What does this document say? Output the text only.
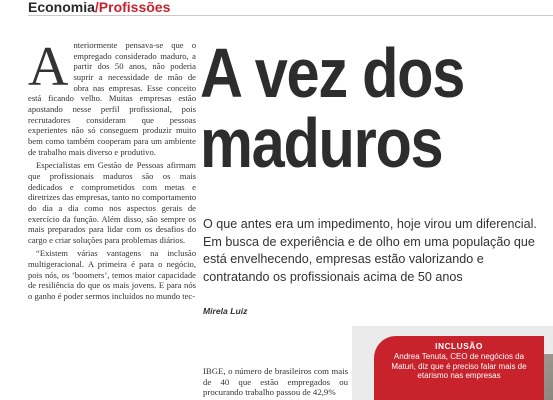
Economia/Profissões
A nteriormente pensava-se que o empregado considerado maduro, a partir dos 50 anos, não poderia suprir a necessidade de mão de obra nas empresas. Esse conceito está ficando velho. Muitas empresas estão apostando nesse perfil profissional, pois recrutadores consideram que pessoas experientes não só conseguem produzir muito bem como também cooperam para um ambiente de trabalho mais diverso e produtivo.

Especialistas em Gestão de Pessoas afirmam que profissionais maduros são os mais dedicados e comprometidos com metas e diretrizes das empresas, tanto no comportamento do dia a dia como nos aspectos gerais de exercício da função. Além disso, são sempre os mais preparados para lidar com os desafios do cargo e criar soluções para problemas diários.

“Existem várias vantagens na inclusão multigeracional. A primeira é para o negócio, pois nós, os ‘boomers’, temos maior capacidade de resiliência do que os mais jovens. E para nós o ganho é poder sermos incluídos no mundo tec-

A vez dos
maduros
O que antes era um impedimento, hoje virou um diferencial. Em busca de experiência e de olho em uma população que está envelhecendo, empresas estão valorizando e contratando os profissionais acima de 50 anos
Mirela Luiz
IBGE, o número de brasileiros com mais de 40 que estão empregados ou procurando trabalho passou de 42,9%
INCLUSÃO
Andrea Tenuta, CEO de negócios da Maturi, diz que é preciso falar mais de etarismo nas empresas
